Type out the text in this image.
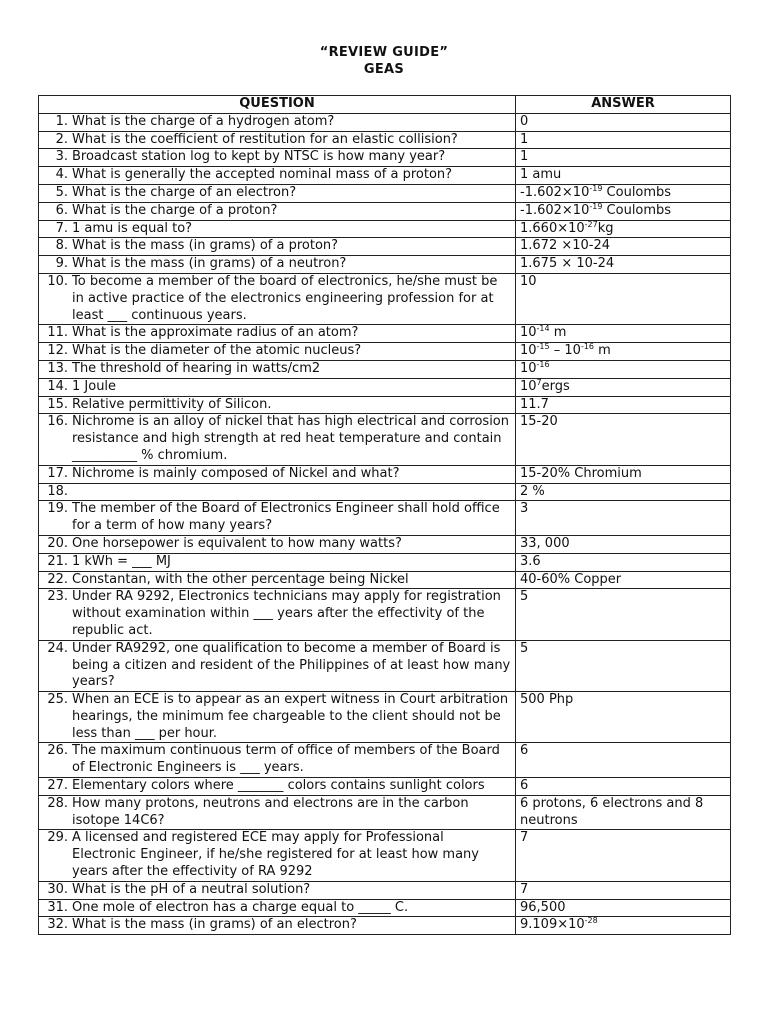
“REVIEW GUIDE”
GEAS
QUESTION	ANSWER

1. What is the charge of a hydrogen atom?	0

2. What is the coefficient of restitution for an elastic collision?	1

3. Broadcast station log to kept by NTSC is how many year?	1

4. What is generally the accepted nominal mass of a proton?	1 amu

5. What is the charge of an electron?	$-1.602\times 10^{-19}$ Coulombs

6. What is the charge of a proton?	$-1.602\times 10^{-19}$ Coulombs

7. 1 amu is equal to?	$1.660\times 10^{-27}kg$

8. What is the mass (in grams) of a proton?	1.672 ×10-24

9. What is the mass (in grams) of a neutron?	1.675 × 10-24

10. To become a member of the board of electronics, he/she must be in active practice of the electronics engineering profession for at least ___ continuous years.	10

11. What is the approximate radius of an atom?	$10^{-14}$ m

12. What is the diameter of the atomic nucleus?	$10^{-15} - 10^{-16}$ m

13. The threshold of hearing in watts/cm2	$10^{-16}$

14. 1 Joule	$10^7ergs$

15. Relative permittivity of Silicon.	11.7

16. Nichrome is an alloy of nickel that has high electrical and corrosion resistance and high strength at red heat temperature and contain __________ % chromium.	15-20

17. Nichrome is mainly composed of Nickel and what?	15-20% Chromium

18.	2 %

19. The member of the Board of Electronics Engineer shall hold office for a term of how many years?	3

20. One horsepower is equivalent to how many watts?	33, 000

21. 1 kWh = ___ MJ	3.6

22. Constantan, with the other percentage being Nickel	40-60% Copper

23. Under RA 9292, Electronics technicians may apply for registration without examination within ___ years after the effectivity of the republic act.	5

24. Under RA9292, one qualification to become a member of Board is being a citizen and resident of the Philippines of at least how many years?	5

25. When an ECE is to appear as an expert witness in Court arbitration hearings, the minimum fee chargeable to the client should not be less than ___ per hour.	500 Php

26. The maximum continuous term of office of members of the Board of Electronic Engineers is ___ years.	6

27. Elementary colors where _______ colors contains sunlight colors	6

28. How many protons, neutrons and electrons are in the carbon isotope 14C6?	6 protons, 6 electrons and 8 neutrons

29. A licensed and registered ECE may apply for Professional Electronic Engineer, if he/she registered for at least how many years after the effectivity of RA 9292	7

30. What is the pH of a neutral solution?	7

31. One mole of electron has a charge equal to _____ C.	96,500

32. What is the mass (in grams) of an electron?	$9.109\times 10^{-28}$
